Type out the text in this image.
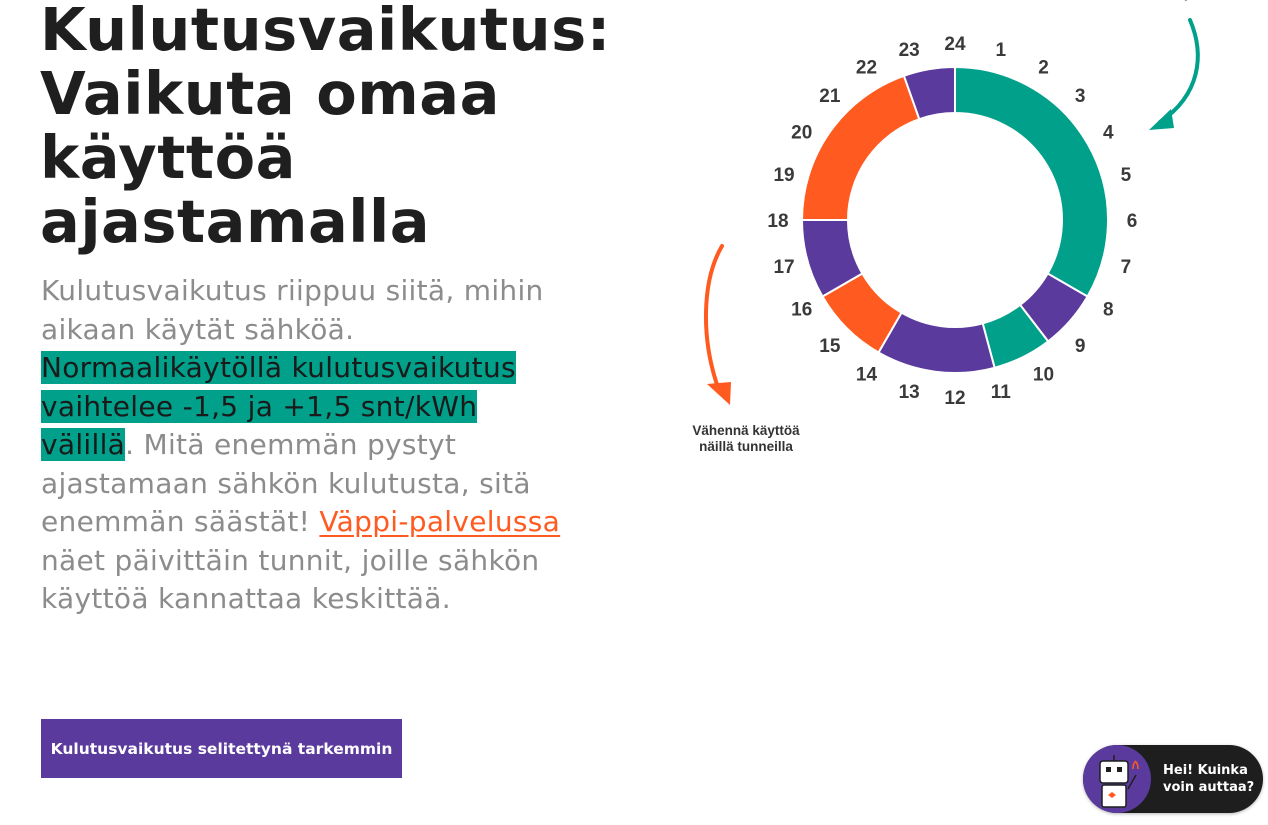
Kulutusvaikutus:
Vaikuta omaa
käyttöä
ajastamalla

Kulutusvaikutus riippuu siitä, mihin aikaan käytät sähköä. Normaalikäytöllä kulutusvaikutus vaihtelee -1,5 ja +1,5 snt/kWh välillä. Mitä enemmän pystyt ajastamaan sähkön kulutusta, sitä enemmän säästät! Väppi-palvelussa näet päivittäin tunnit, joille sähkön käyttöä kannattaa keskittää.

Kulutusvaikutus selitettynä tarkemmin
24 1
2
3
4
5
6
7
8
9
10
11
12
13
14
15
16
17
18
19
20
21
22
23
Vähennä käyttöä
näillä tunneilla
Hei! Kuinka
voin auttaa?
